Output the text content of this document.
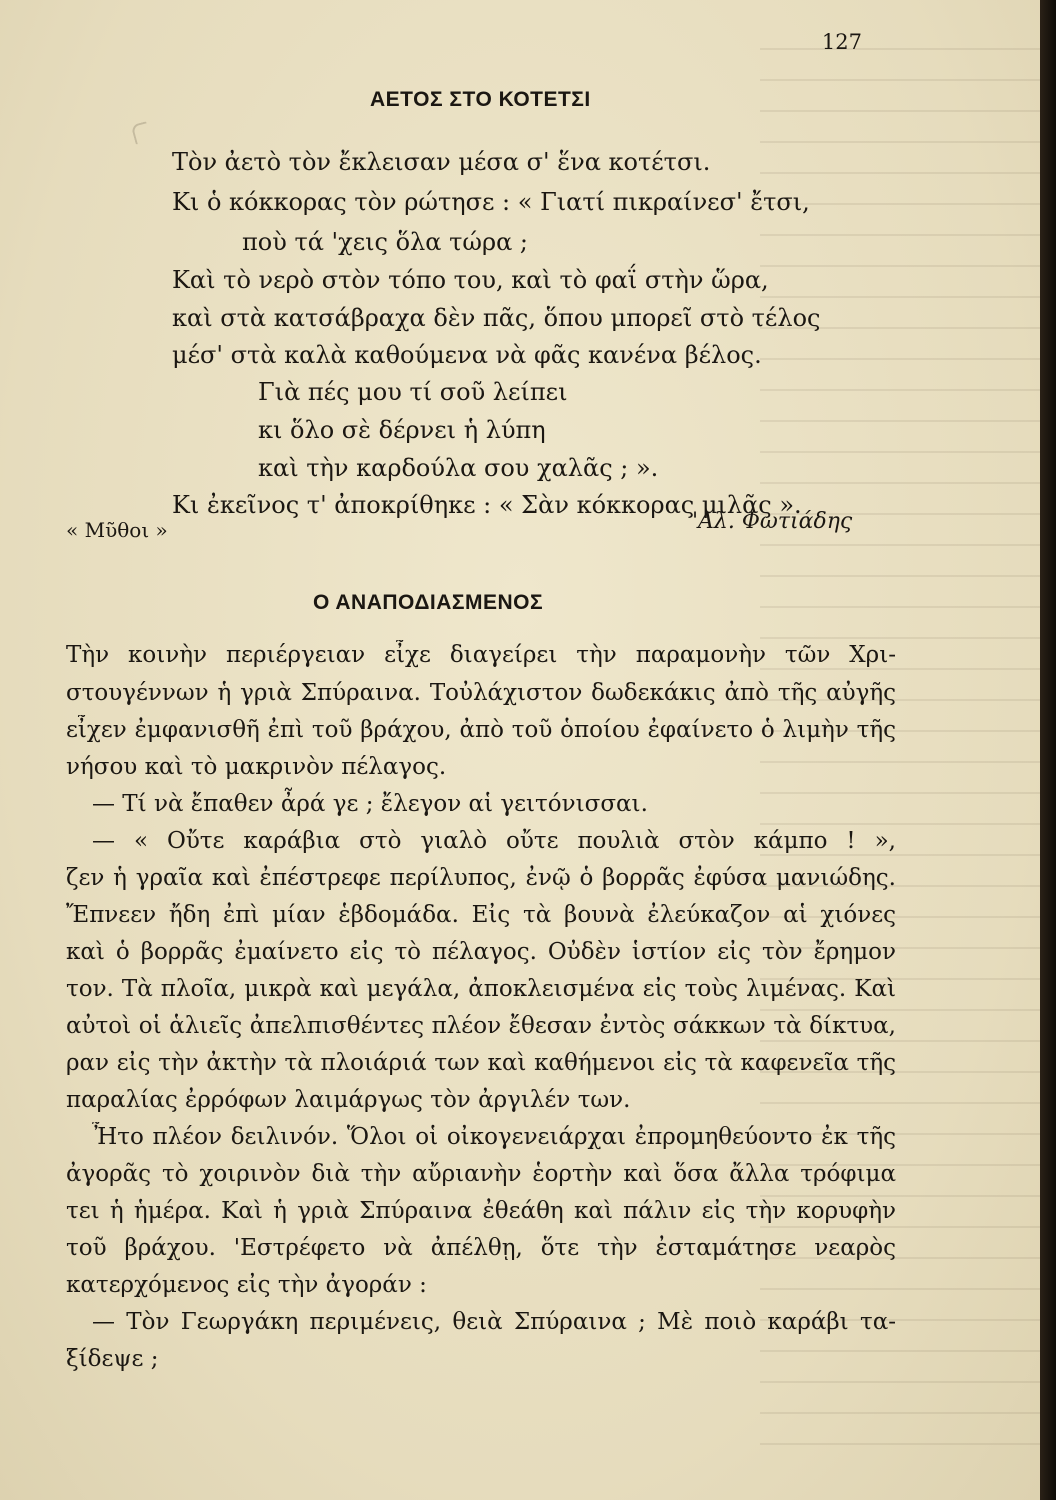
127
ΑΕΤΟΣ ΣΤΟ ΚΟΤΕΤΣΙ
Τὸν ἀετὸ τὸν ἔκλεισαν μέσα σ' ἕνα κοτέτσι.
Κι ὁ κόκκορας τὸν ρώτησε : « Γιατί πικραίνεσ' ἔτσι,
ποὺ τά 'χεις ὅλα τώρα ;
Καὶ τὸ νερὸ στὸν τόπο του, καὶ τὸ φαΐ στὴν ὥρα,
καὶ στὰ κατσάβραχα δὲν πᾶς, ὅπου μπορεῖ στὸ τέλος
μέσ' στὰ καλὰ καθούμενα νὰ φᾶς κανένα βέλος.
Γιὰ πές μου τί σοῦ λείπει
κι ὅλο σὲ δέρνει ἡ λύπη
καὶ τὴν καρδούλα σου χαλᾶς ; ».
Κι ἐκεῖνος τ' ἀποκρίθηκε : « Σὰν κόκκορας μιλᾶς ».
« Μῦθοι »	'Αλ. Φωτιάδης
Ο ΑΝΑΠΟΔΙΑΣΜΕΝΟΣ
Τὴν κοινὴν περιέργειαν εἶχε διαγείρει τὴν παραμονὴν τῶν Χρι-
στουγέννων ἡ γριὰ Σπύραινα. Τοὐλάχιστον δωδεκάκις ἀπὸ τῆς αὐγῆς
εἶχεν ἐμφανισθῆ ἐπὶ τοῦ βράχου, ἀπὸ τοῦ ὁποίου ἐφαίνετο ὁ λιμὴν τῆς
νήσου καὶ τὸ μακρινὸν πέλαγος.
— Τί νὰ ἔπαθεν ἆρά γε ; ἔλεγον αἱ γειτόνισσαι.
— « Οὔτε καράβια στὸ γιαλὸ οὔτε πουλιὰ στὸν κάμπο ! »,
ζεν ἡ γραῖα καὶ ἐπέστρεφε περίλυπος, ἐνῷ ὁ βορρᾶς ἐφύσα μανιώδης.
Ἔπνεεν ἤδη ἐπὶ μίαν ἑβδομάδα. Εἰς τὰ βουνὰ ἐλεύκαζον αἱ χιόνες
καὶ ὁ βορρᾶς ἐμαίνετο εἰς τὸ πέλαγος. Οὐδὲν ἱστίον εἰς τὸν ἔρημον
τον. Τὰ πλοῖα, μικρὰ καὶ μεγάλα, ἀποκλεισμένα εἰς τοὺς λιμένας. Καὶ
αὐτοὶ οἱ ἁλιεῖς ἀπελπισθέντες πλέον ἔθεσαν ἐντὸς σάκκων τὰ δίκτυα,
ραν εἰς τὴν ἀκτὴν τὰ πλοιάριά των καὶ καθήμενοι εἰς τὰ καφενεῖα τῆς
παραλίας ἐρρόφων λαιμάργως τὸν ἀργιλέν των.
Ἦτο πλέον δειλινόν. Ὅλοι οἱ οἰκογενειάρχαι ἐπρομηθεύοντο ἐκ τῆς
ἀγορᾶς τὸ χοιρινὸν διὰ τὴν αὔριανὴν ἑορτὴν καὶ ὅσα ἄλλα τρόφιμα
τει ἡ ἡμέρα. Καὶ ἡ γριὰ Σπύραινα ἐθεάθη καὶ πάλιν εἰς τὴν κορυφὴν
τοῦ βράχου. 'Εστρέφετο νὰ ἀπέλθῃ, ὅτε τὴν ἐσταμάτησε νεαρὸς
κατερχόμενος εἰς τὴν ἀγοράν :
— Τὸν Γεωργάκη περιμένεις, θειὰ Σπύραινα ; Μὲ ποιὸ καράβι τα-
ξίδεψε ;
